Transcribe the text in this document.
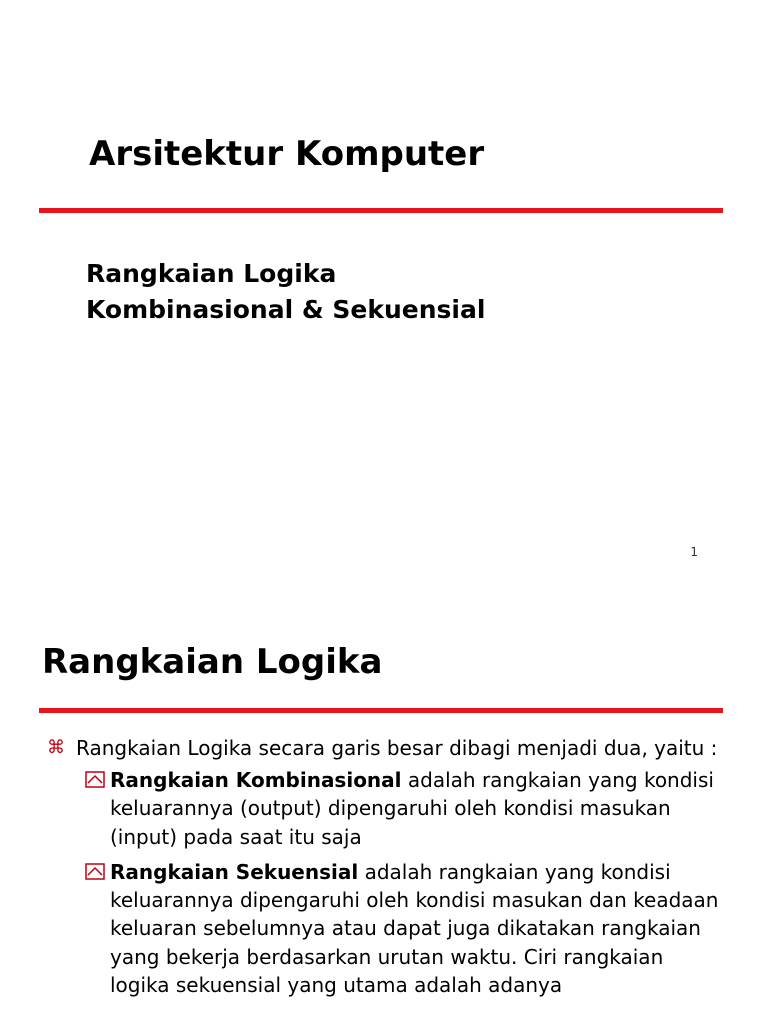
Arsitektur Komputer
Rangkaian Logika
Kombinasional & Sekuensial
1
Rangkaian Logika
⌘ Rangkaian Logika secara garis besar dibagi menjadi dua, yaitu :
Rangkaian Kombinasional adalah rangkaian yang kondisi keluarannya (output) dipengaruhi oleh kondisi masukan (input) pada saat itu saja
Rangkaian Sekuensial adalah rangkaian yang kondisi keluarannya dipengaruhi oleh kondisi masukan dan keadaan keluaran sebelumnya atau dapat juga dikatakan rangkaian yang bekerja berdasarkan urutan waktu. Ciri rangkaian logika sekuensial yang utama adalah adanya
